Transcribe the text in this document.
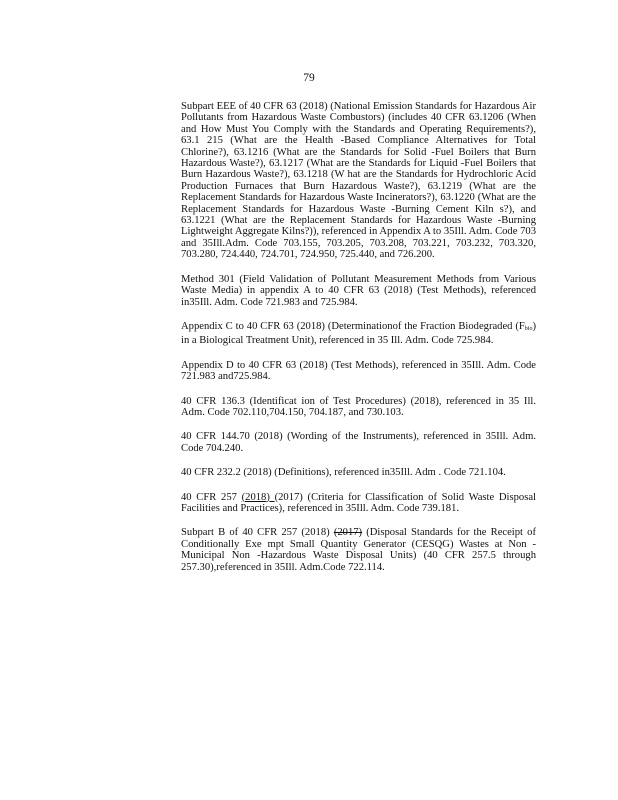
79

Subpart EEE of 40 CFR 63 (2018) (National Emission Standards for Hazardous Air Pollutants from Hazardous Waste Combustors) (includes 40 CFR 63.1206 (When and How Must You Comply with the Standards and Operating Requirements?), 63.1 215 (What are the Health -Based Compliance Alternatives for Total Chlorine?), 63.1216 (What are the Standards for Solid -Fuel Boilers that Burn Hazardous Waste?), 63.1217 (What are the Standards for Liquid -Fuel Boilers that Burn Hazardous Waste?), 63.1218 (W hat are the Standards for Hydrochloric Acid Production Furnaces that Burn Hazardous Waste?), 63.1219 (What are the Replacement Standards for Hazardous Waste Incinerators?), 63.1220 (What are the Replacement Standards for Hazardous Waste -Burning Cement Kiln s?), and 63.1221 (What are the Replacement Standards for Hazardous Waste -Burning Lightweight Aggregate Kilns?)), referenced in Appendix A to 35Ill. Adm. Code 703 and 35Ill.Adm. Code 703.155, 703.205, 703.208, 703.221, 703.232, 703.320, 703.280, 724.440, 724.701, 724.950, 725.440, and 726.200.

Method 301 (Field Validation of Pollutant Measurement Methods from Various Waste Media) in appendix A to 40 CFR 63 (2018) (Test Methods), referenced in35Ill. Adm. Code 721.983 and 725.984.

Appendix C to 40 CFR 63 (2018) (Determinationof the Fraction Biodegraded (Fbio) in a Biological Treatment Unit), referenced in 35 Ill. Adm. Code 725.984.

Appendix D to 40 CFR 63 (2018) (Test Methods), referenced in 35Ill. Adm. Code 721.983 and725.984.

40 CFR 136.3 (Identificat ion of Test Procedures) (2018), referenced in 35 Ill. Adm. Code 702.110,704.150, 704.187, and 730.103.

40 CFR 144.70 (2018) (Wording of the Instruments), referenced in 35Ill. Adm. Code 704.240.

40 CFR 232.2 (2018) (Definitions), referenced in35Ill. Adm . Code 721.104.

40 CFR 257 (2018) (2017) (Criteria for Classification of Solid Waste Disposal Facilities and Practices), referenced in 35Ill. Adm. Code 739.181.

Subpart B of 40 CFR 257 (2018) (2017) (Disposal Standards for the Receipt of Conditionally Exe mpt Small Quantity Generator (CESQG) Wastes at Non -Municipal Non -Hazardous Waste Disposal Units) (40 CFR 257.5 through 257.30),referenced in 35Ill. Adm.Code 722.114.
